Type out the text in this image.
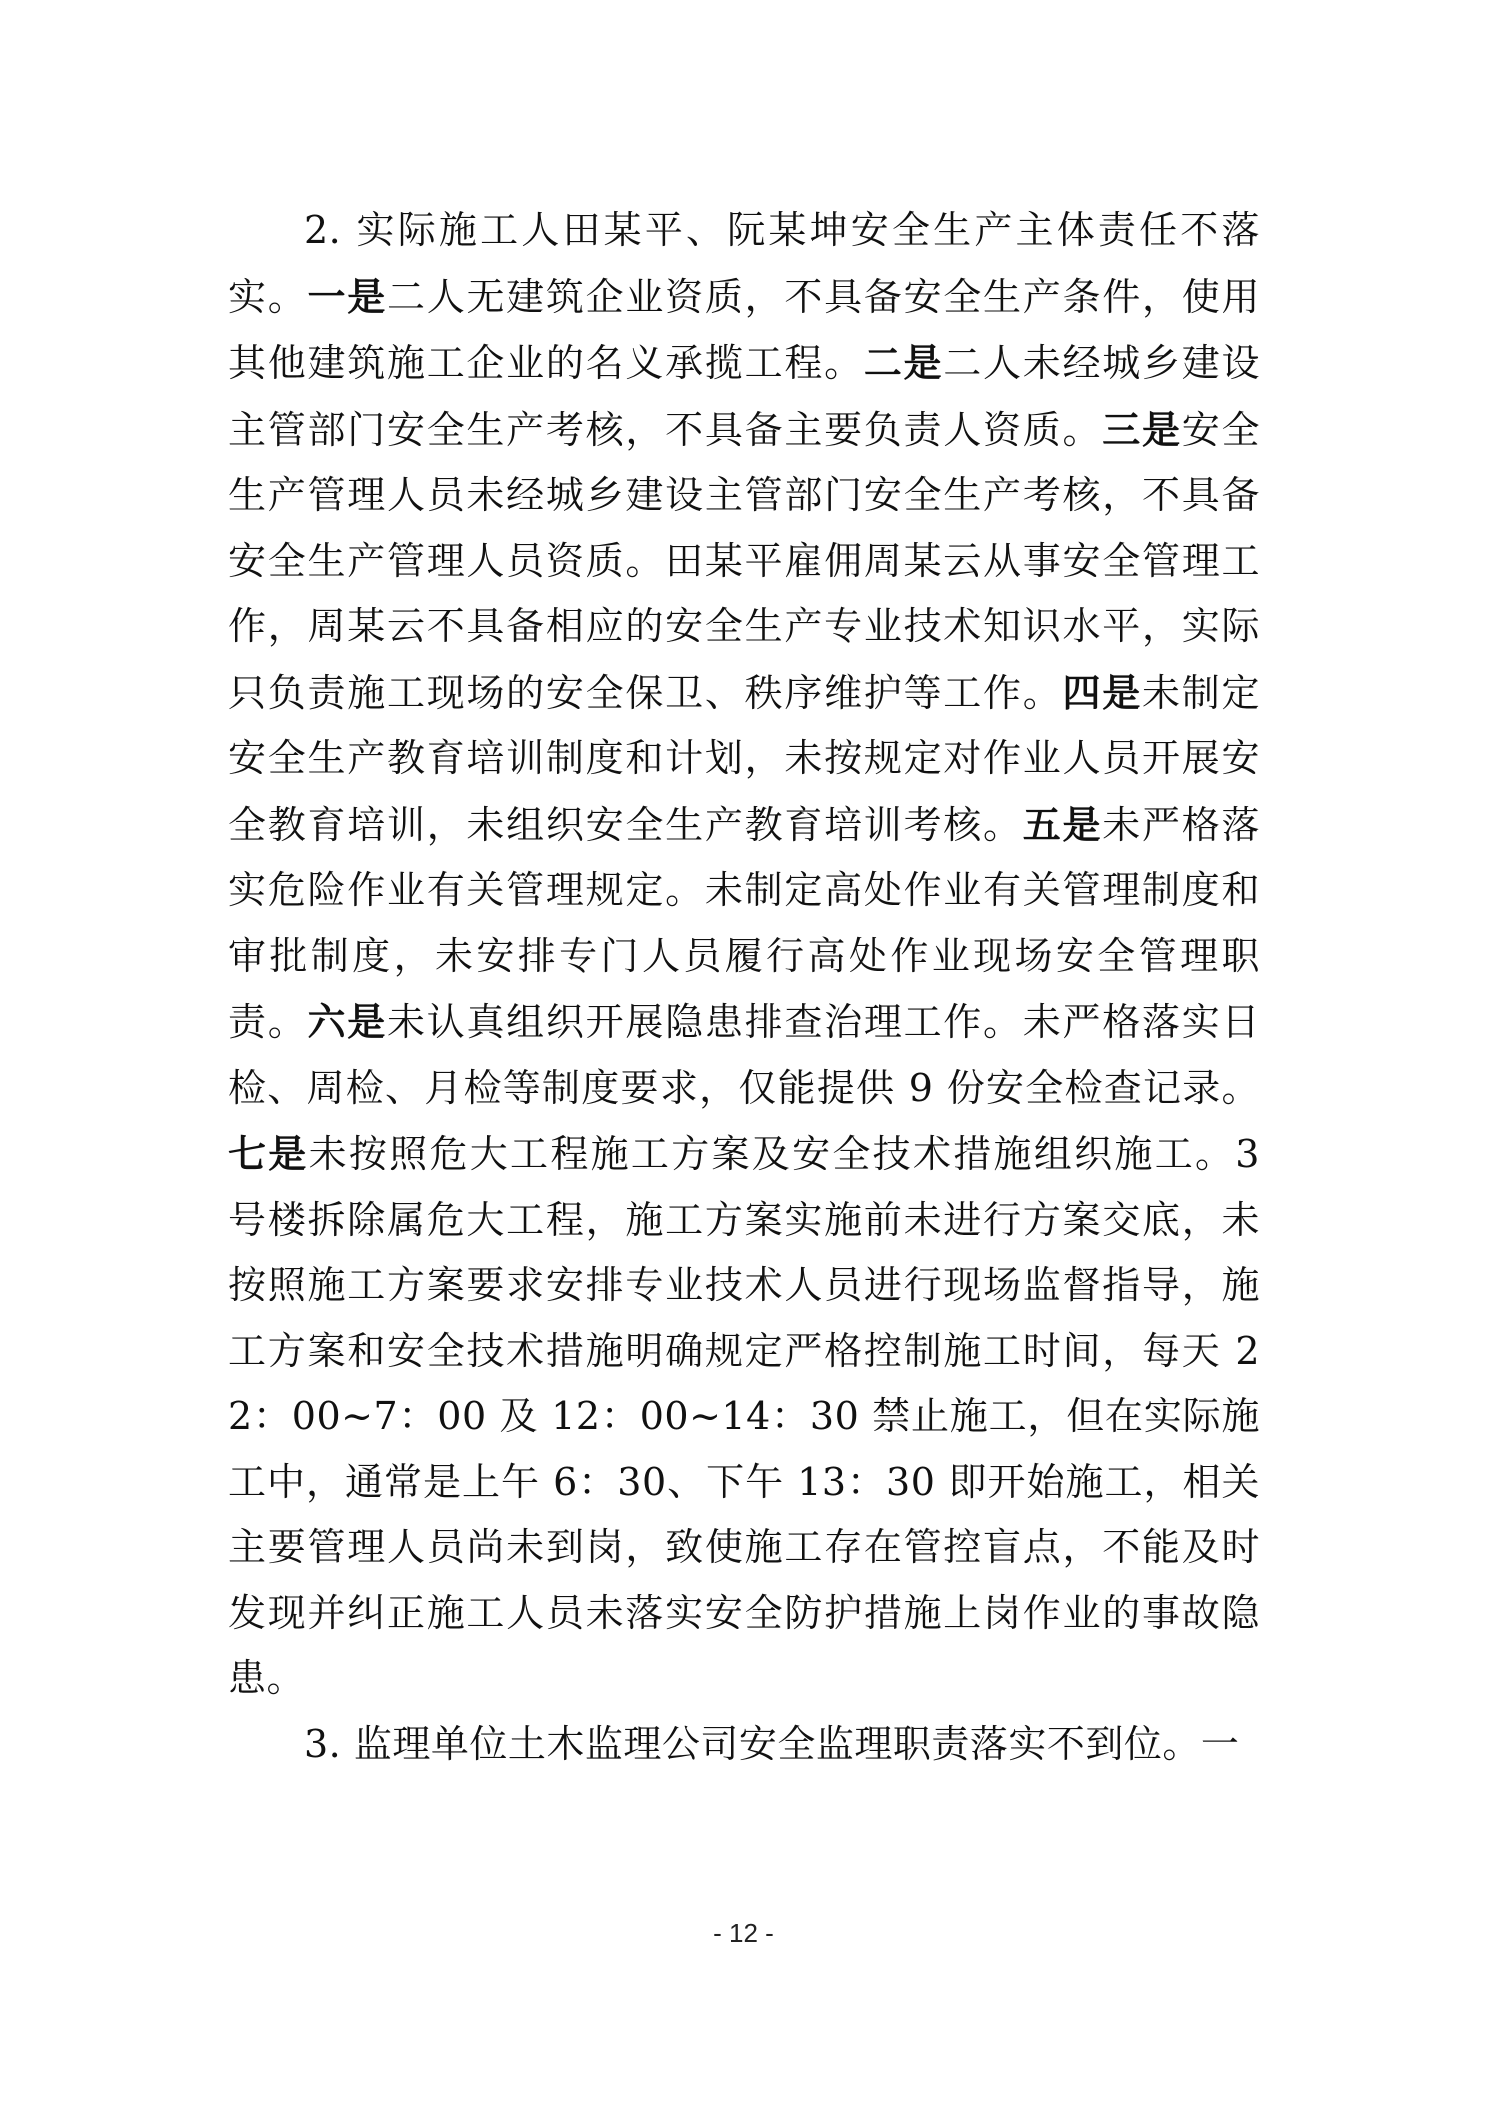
2. 实际施工人田某平、阮某坤安全生产主体责任不落实。一是二人无建筑企业资质，不具备安全生产条件，使用其他建筑施工企业的名义承揽工程。二是二人未经城乡建设主管部门安全生产考核，不具备主要负责人资质。三是安全生产管理人员未经城乡建设主管部门安全生产考核，不具备安全生产管理人员资质。田某平雇佣周某云从事安全管理工作，周某云不具备相应的安全生产专业技术知识水平，实际只负责施工现场的安全保卫、秩序维护等工作。四是未制定安全生产教育培训制度和计划，未按规定对作业人员开展安全教育培训，未组织安全生产教育培训考核。五是未严格落实危险作业有关管理规定。未制定高处作业有关管理制度和审批制度，未安排专门人员履行高处作业现场安全管理职责。六是未认真组织开展隐患排查治理工作。未严格落实日检、周检、月检等制度要求，仅能提供 9 份安全检查记录。七是未按照危大工程施工方案及安全技术措施组织施工。3 号楼拆除属危大工程，施工方案实施前未进行方案交底，未按照施工方案要求安排专业技术人员进行现场监督指导，施工方案和安全技术措施明确规定严格控制施工时间，每天 22：00~7：00 及 12：00~14：30 禁止施工，但在实际施工中，通常是上午 6：30、下午 13：30 即开始施工，相关主要管理人员尚未到岗，致使施工存在管控盲点，不能及时发现并纠正施工人员未落实安全防护措施上岗作业的事故隐患。

3. 监理单位土木监理公司安全监理职责落实不到位。一

- 12 -
